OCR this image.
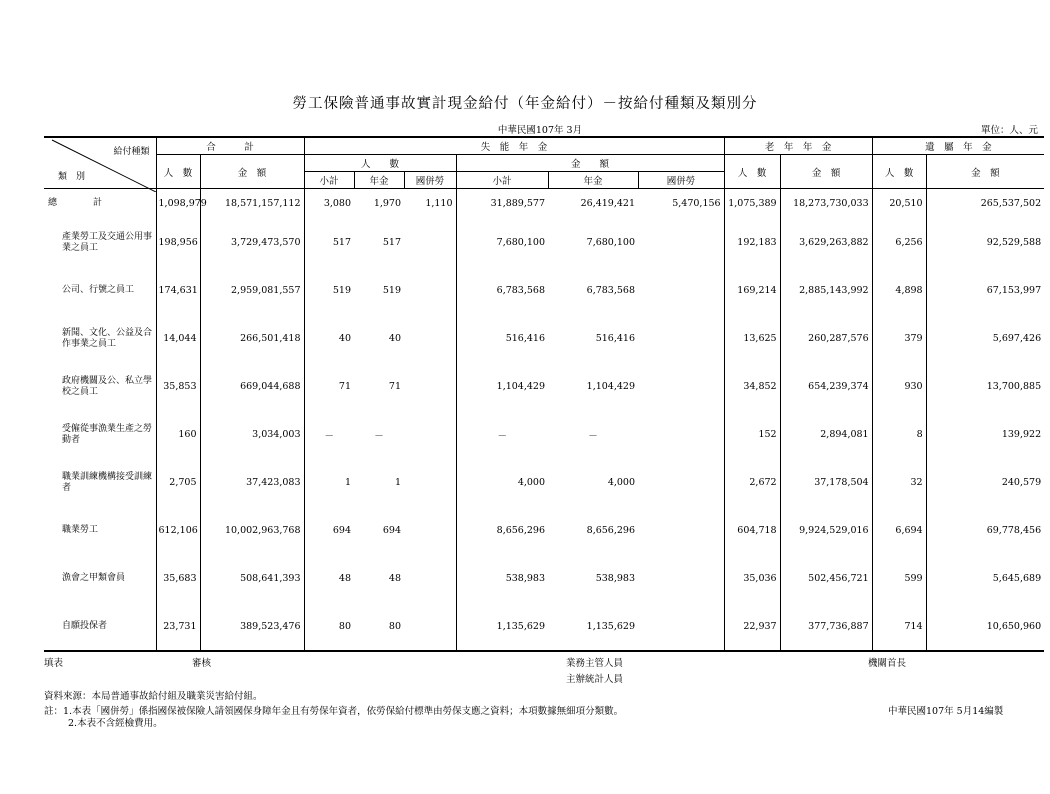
勞工保險普通事故實計現金給付（年金給付）－按給付種類及類別分
中華民國107年 3月	單位：人、元
給付種類
類　別	合　　　計		失　能　年　金						老　年　年　金		遺　屬　年　金	
	人　數	金　額	人　　數			金　　額			人　數	金　額	人　數	金　額
			小計	年金	國併勞	小計	年金	國併勞				
總　　　　計	1,098,979	18,571,157,112	3,080	1,970	1,110	31,889,577	26,419,421	5,470,156	1,075,389	18,273,730,033	20,510	265,537,502
產業勞工及交通公用事業之員工	198,956	3,729,473,570	517	517		7,680,100	7,680,100		192,183	3,629,263,882	6,256	92,529,588
公司、行號之員工	174,631	2,959,081,557	519	519		6,783,568	6,783,568		169,214	2,885,143,992	4,898	67,153,997
新聞、文化、公益及合作事業之員工	14,044	266,501,418	40	40		516,416	516,416		13,625	260,287,576	379	5,697,426
政府機關及公、私立學校之員工	35,853	669,044,688	71	71		1,104,429	1,104,429		34,852	654,239,374	930	13,700,885
受僱從事漁業生產之勞動者	160	3,034,003	－	－		－	－		152	2,894,081	8	139,922
職業訓練機構接受訓練者	2,705	37,423,083	1	1		4,000	4,000		2,672	37,178,504	32	240,579
職業勞工	612,106	10,002,963,768	694	694		8,656,296	8,656,296		604,718	9,924,529,016	6,694	69,778,456
漁會之甲類會員	35,683	508,641,393	48	48		538,983	538,983		35,036	502,456,721	599	5,645,689
自願投保者	23,731	389,523,476	80	80		1,135,629	1,135,629		22,937	377,736,887	714	10,650,960
填表	審核	業務主管人員
主辦統計人員
機關首長
資料來源：本局普通事故給付組及職業災害給付組。
註：1.本表「國併勞」係指國保被保險人請領國保身障年金且有勞保年資者，依勞保給付標準由勞保支應之資料；本項數據無細項分類數。
2.本表不含經檢費用。
中華民國107年 5月14編製
